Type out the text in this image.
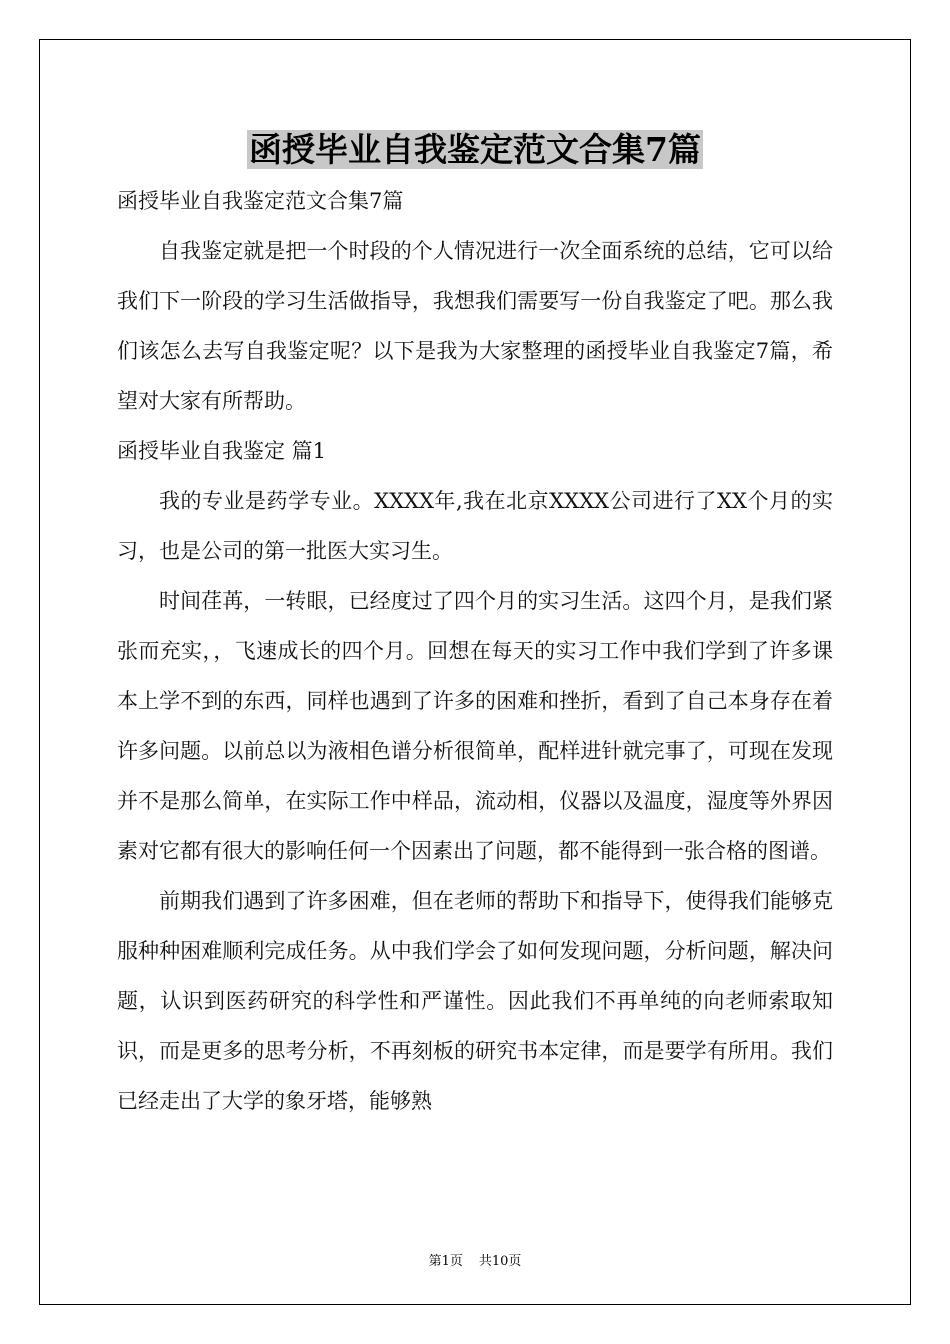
函授毕业自我鉴定范文合集7篇

函授毕业自我鉴定范文合集7篇

自我鉴定就是把一个时段的个人情况进行一次全面系统的总结，它可以给我们下一阶段的学习生活做指导，我想我们需要写一份自我鉴定了吧。那么我们该怎么去写自我鉴定呢？以下是我为大家整理的函授毕业自我鉴定7篇，希望对大家有所帮助。

函授毕业自我鉴定 篇1

我的专业是药学专业。XXXX年,我在北京XXXX公司进行了XX个月的实习，也是公司的第一批医大实习生。

时间荏苒，一转眼，已经度过了四个月的实习生活。这四个月，是我们紧张而充实，，飞速成长的四个月。回想在每天的实习工作中我们学到了许多课本上学不到的东西，同样也遇到了许多的困难和挫折，看到了自己本身存在着许多问题。以前总以为液相色谱分析很简单，配样进针就完事了，可现在发现并不是那么简单，在实际工作中样品，流动相，仪器以及温度，湿度等外界因素对它都有很大的影响任何一个因素出了问题，都不能得到一张合格的图谱。

前期我们遇到了许多困难，但在老师的帮助下和指导下，使得我们能够克服种种困难顺利完成任务。从中我们学会了如何发现问题，分析问题，解决问题，认识到医药研究的科学性和严谨性。因此我们不再单纯的向老师索取知识，而是更多的思考分析，不再刻板的研究书本定律，而是要学有所用。我们已经走出了大学的象牙塔，能够熟

第1页 共10页
